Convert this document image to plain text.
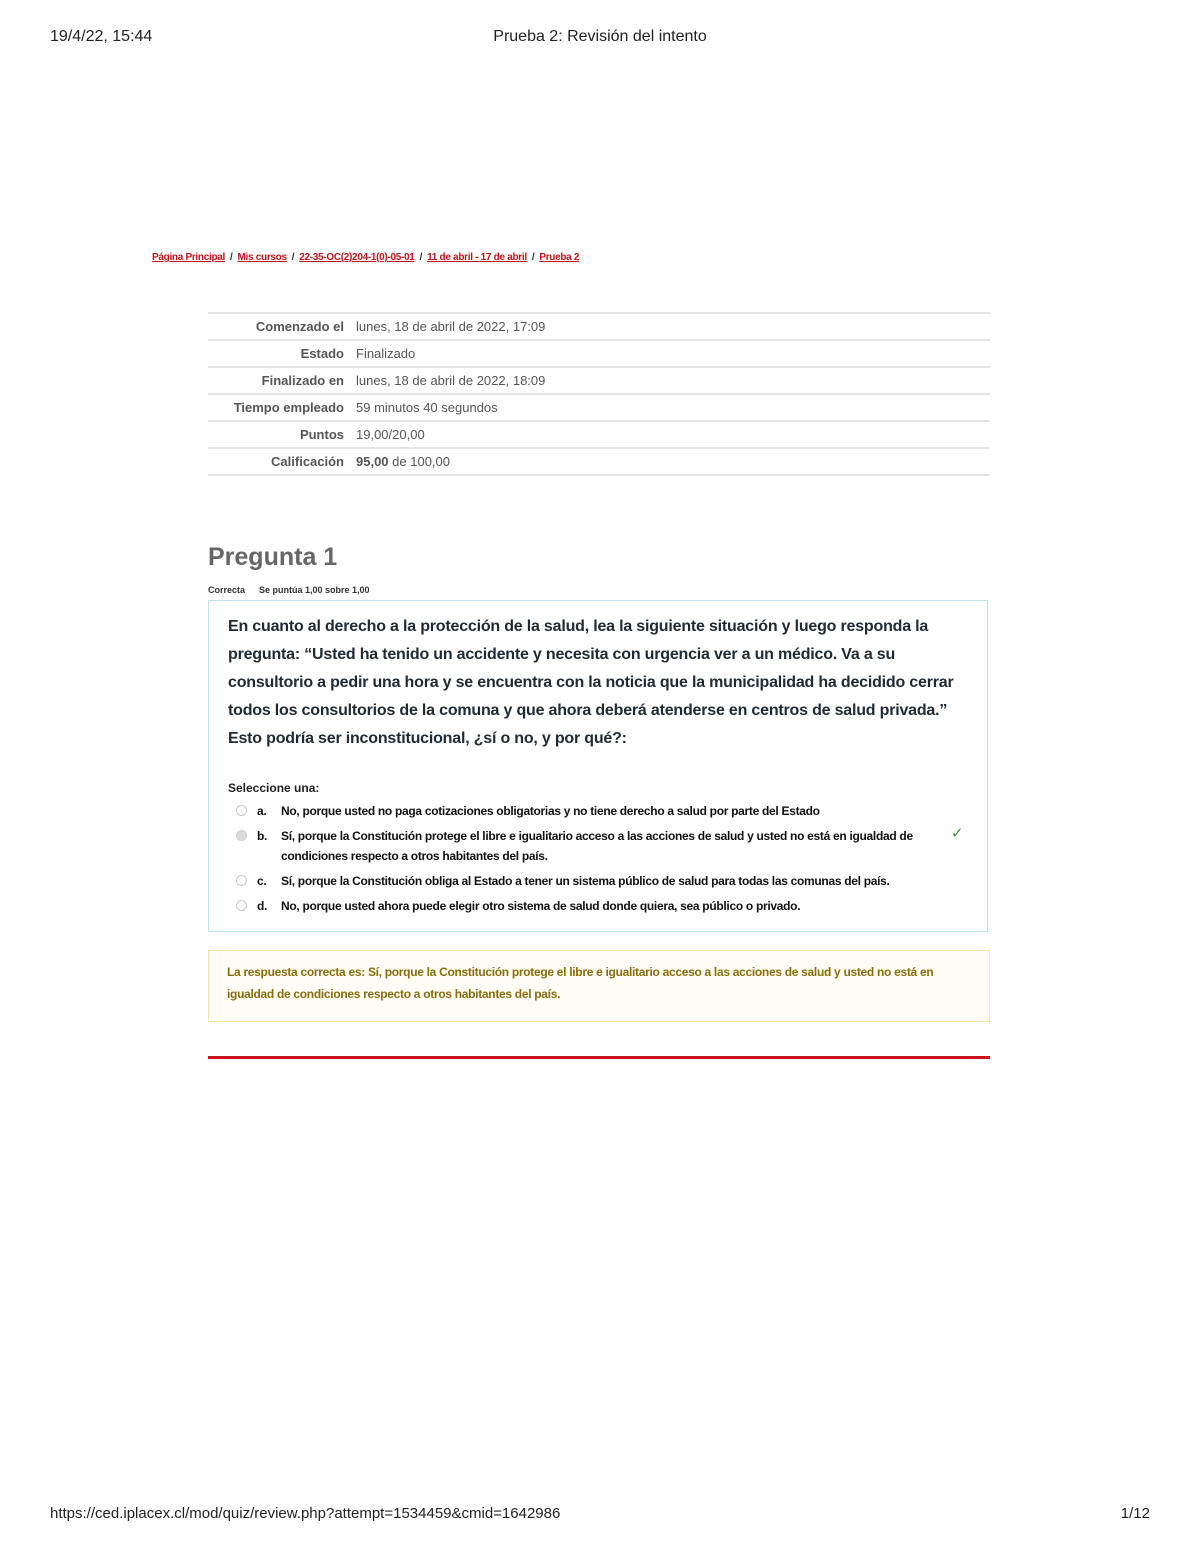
19/4/22, 15:44	Prueba 2: Revisión del intento
Página Principal / Mis cursos / 22-35-OC(2)204-1(0)-05-01 / 11 de abril - 17 de abril / Prueba 2
Comenzado el	lunes, 18 de abril de 2022, 17:09
Estado	Finalizado
Finalizado en	lunes, 18 de abril de 2022, 18:09
Tiempo empleado	59 minutos 40 segundos
Puntos	19,00/20,00
Calificación	95,00 de 100,00
Pregunta 1
Correcta Se puntúa 1,00 sobre 1,00
En cuanto al derecho a la protección de la salud, lea la siguiente situación y luego responda la pregunta: “Usted ha tenido un accidente y necesita con urgencia ver a un médico. Va a su consultorio a pedir una hora y se encuentra con la noticia que la municipalidad ha decidido cerrar todos los consultorios de la comuna y que ahora deberá atenderse en centros de salud privada.” Esto podría ser inconstitucional, ¿sí o no, y por qué?:
Seleccione una:
a. No, porque usted no paga cotizaciones obligatorias y no tiene derecho a salud por parte del Estado
b. Sí, porque la Constitución protege el libre e igualitario acceso a las acciones de salud y usted no está en igualdad de condiciones respecto a otros habitantes del país.
✓
c. Sí, porque la Constitución obliga al Estado a tener un sistema público de salud para todas las comunas del país.
d. No, porque usted ahora puede elegir otro sistema de salud donde quiera, sea público o privado.

La respuesta correcta es: Sí, porque la Constitución protege el libre e igualitario acceso a las acciones de salud y usted no está en igualdad de condiciones respecto a otros habitantes del país.

https://ced.iplacex.cl/mod/quiz/review.php?attempt=1534459&cmid=1642986	1/12
